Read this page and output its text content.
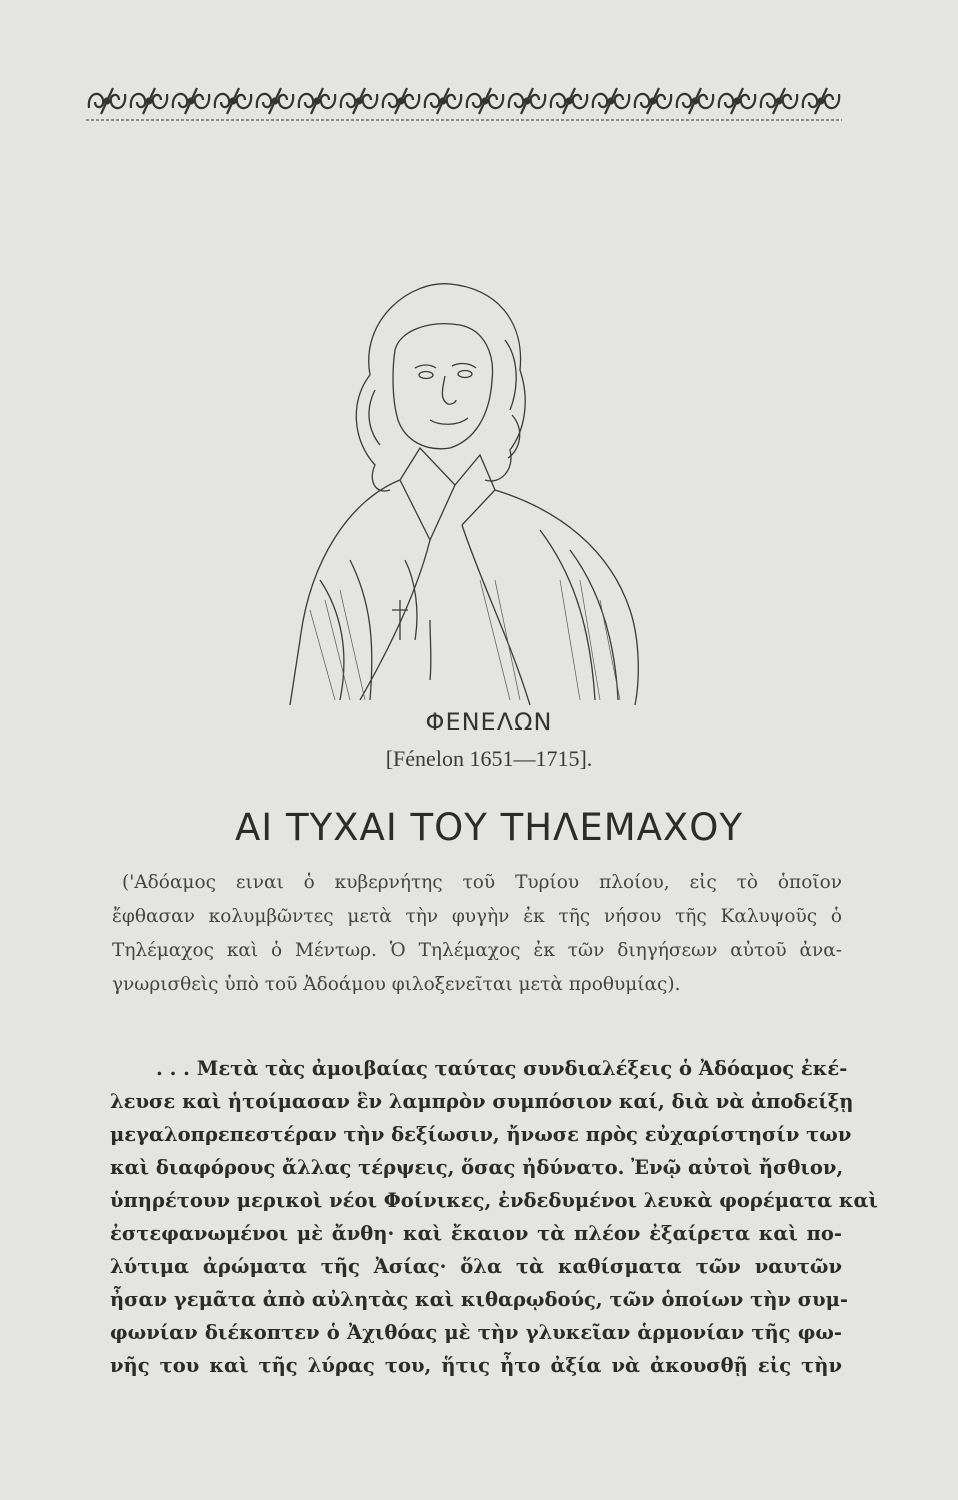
ΦΕΝΕΛΩΝ
[Fénelon 1651—1715].
ΑΙ ΤΥΧΑΙ ΤΟΥ ΤΗΛΕΜΑΧΟΥ
('Αδόαμος ειναι ὁ κυβερνήτης τοῦ Τυρίου πλοίου, εἰς τὸ ὁποῖον
ἔφθασαν κολυμβῶντες μετὰ τὴν φυγὴν ἐκ τῆς νήσου τῆς Καλυψοῦς ὁ
Τηλέμαχος καὶ ὁ Μέντωρ. Ὁ Τηλέμαχος ἐκ τῶν διηγήσεων αὐτοῦ ἀνα-
γνωρισθεὶς ὑπὸ τοῦ Ἀδοάμου φιλοξενεῖται μετὰ προθυμίας).
. . . Μετὰ τὰς ἀμοιβαίας ταύτας συνδιαλέξεις ὁ Ἀδόαμος ἐκέ-
λευσε καὶ ἡτοίμασαν ἓν λαμπρὸν συμπόσιον καί, διὰ νὰ ἀποδείξῃ
μεγαλοπρεπεστέραν τὴν δεξίωσιν, ἤνωσε πρὸς εὐχαρίστησίν των
καὶ διαφόρους ἄλλας τέρψεις, ὅσας ἠδύνατο. Ἐνῷ αὐτοὶ ἤσθιον,
ὑπηρέτουν μερικοὶ νέοι Φοίνικες, ἐνδεδυμένοι λευκὰ φορέματα καὶ
ἐστεφανωμένοι μὲ ἄνθη· καὶ ἔκαιον τὰ πλέον ἐξαίρετα καὶ πο-
λύτιμα ἀρώματα τῆς Ἀσίας· ὅλα τὰ καθίσματα τῶν ναυτῶν
ἦσαν γεμᾶτα ἀπὸ αὐλητὰς καὶ κιθαρῳδούς, τῶν ὁποίων τὴν συμ-
φωνίαν διέκοπτεν ὁ Ἀχιθόας μὲ τὴν γλυκεῖαν ἁρμονίαν τῆς φω-
νῆς του καὶ τῆς λύρας του, ἥτις ἦτο ἀξία νὰ ἀκουσθῇ εἰς τὴν
